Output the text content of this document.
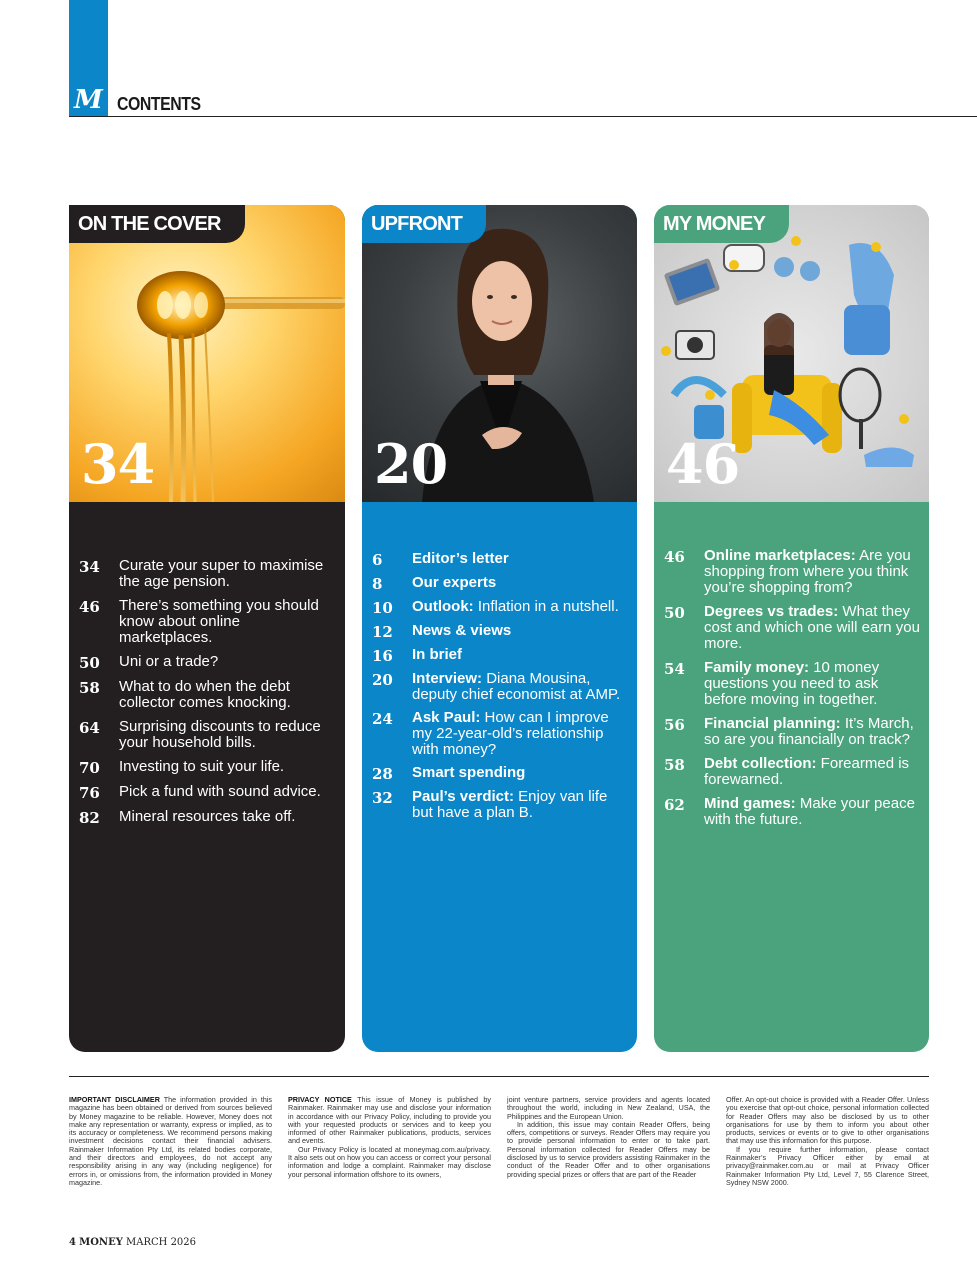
M CONTENTS
ON THE COVER
34
34	Curate your super to maximise the age pension.
46	There’s something you should know about online marketplaces.
50	Uni or a trade?
58	What to do when the debt collector comes knocking.
64	Surprising discounts to reduce your household bills.
70	Investing to suit your life.
76	Pick a fund with sound advice.
82	Mineral resources take off.
UPFRONT
20
6	Editor’s letter
8	Our experts
10	Outlook: Inflation in a nutshell.
12	News & views
16	In brief
20	Interview: Diana Mousina, deputy chief economist at AMP.
24	Ask Paul: How can I improve my 22-year-old’s relationship with money?
28	Smart spending
32	Paul’s verdict: Enjoy van life but have a plan B.
MY MONEY
46
46	Online marketplaces: Are you shopping from where you think you’re shopping from?
50	Degrees vs trades: What they cost and which one will earn you more.
54	Family money: 10 money questions you need to ask before moving in together.
56	Financial planning: It’s March, so are you financially on track?
58	Debt collection: Forearmed is forewarned.
62	Mind games: Make your peace with the future.

IMPORTANT DISCLAIMER The information provided in this magazine has been obtained or derived from sources believed by Money magazine to be reliable. However, Money does not make any representation or warranty, express or implied, as to its accuracy or completeness. We recommend persons making investment decisions contact their financial advisers. Rainmaker Information Pty Ltd, its related bodies corporate, and their directors and employees, do not accept any responsibility arising in any way (including negligence) for errors in, or omissions from, the information provided in Money magazine.

PRIVACY NOTICE This issue of Money is published by Rainmaker. Rainmaker may use and disclose your information in accordance with our Privacy Policy, including to provide you with your requested products or services and to keep you informed of other Rainmaker publications, products, services and events.

Our Privacy Policy is located at moneymag.com.au/privacy. It also sets out on how you can access or correct your personal information and lodge a complaint. Rainmaker may disclose your personal information offshore to its owners,

joint venture partners, service providers and agents located throughout the world, including in New Zealand, USA, the Philippines and the European Union.

In addition, this issue may contain Reader Offers, being offers, competitions or surveys. Reader Offers may require you to provide personal information to enter or to take part. Personal information collected for Reader Offers may be disclosed by us to service providers assisting Rainmaker in the conduct of the Reader Offer and to other organisations providing special prizes or offers that are part of the Reader

Offer. An opt-out choice is provided with a Reader Offer. Unless you exercise that opt-out choice, personal information collected for Reader Offers may also be disclosed by us to other organisations for use by them to inform you about other products, services or events or to give to other organisations that may use this information for this purpose.

If you require further information, please contact Rainmaker’s Privacy Officer either by email at privacy@rainmaker.com.au or mail at Privacy Officer Rainmaker Information Pty Ltd, Level 7, 55 Clarence Street, Sydney NSW 2000.

4 MONEY MARCH 2026
